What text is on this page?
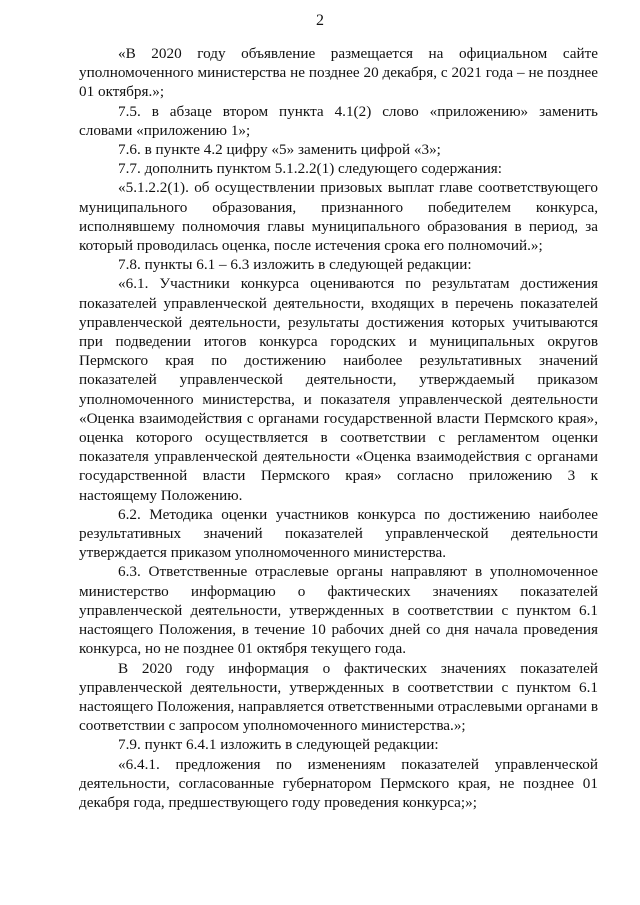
2

«В 2020 году объявление размещается на официальном сайте уполномоченного министерства не позднее 20 декабря, с 2021 года – не позднее 01 октября.»;

7.5. в абзаце втором пункта 4.1(2) слово «приложению» заменить словами «приложению 1»;

7.6. в пункте 4.2 цифру «5» заменить цифрой «3»;

7.7. дополнить пунктом 5.1.2.2(1) следующего содержания:

«5.1.2.2(1). об осуществлении призовых выплат главе соответствующего муниципального образования, признанного победителем конкурса, исполнявшему полномочия главы муниципального образования в период, за который проводилась оценка, после истечения срока его полномочий.»;

7.8. пункты 6.1 – 6.3 изложить в следующей редакции:

«6.1. Участники конкурса оцениваются по результатам достижения показателей управленческой деятельности, входящих в перечень показателей управленческой деятельности, результаты достижения которых учитываются при подведении итогов конкурса городских и муниципальных округов Пермского края по достижению наиболее результативных значений показателей управленческой деятельности, утверждаемый приказом уполномоченного министерства, и показателя управленческой деятельности «Оценка взаимодействия с органами государственной власти Пермского края», оценка которого осуществляется в соответствии с регламентом оценки показателя управленческой деятельности «Оценка взаимодействия с органами государственной власти Пермского края» согласно приложению 3 к настоящему Положению.

6.2. Методика оценки участников конкурса по достижению наиболее результативных значений показателей управленческой деятельности утверждается приказом уполномоченного министерства.

6.3. Ответственные отраслевые органы направляют в уполномоченное министерство информацию о фактических значениях показателей управленческой деятельности, утвержденных в соответствии с пунктом 6.1 настоящего Положения, в течение 10 рабочих дней со дня начала проведения конкурса, но не позднее 01 октября текущего года.

В 2020 году информация о фактических значениях показателей управленческой деятельности, утвержденных в соответствии с пунктом 6.1 настоящего Положения, направляется ответственными отраслевыми органами в соответствии с запросом уполномоченного министерства.»;

7.9. пункт 6.4.1 изложить в следующей редакции:

«6.4.1. предложения по изменениям показателей управленческой деятельности, согласованные губернатором Пермского края, не позднее 01 декабря года, предшествующего году проведения конкурса;»;
